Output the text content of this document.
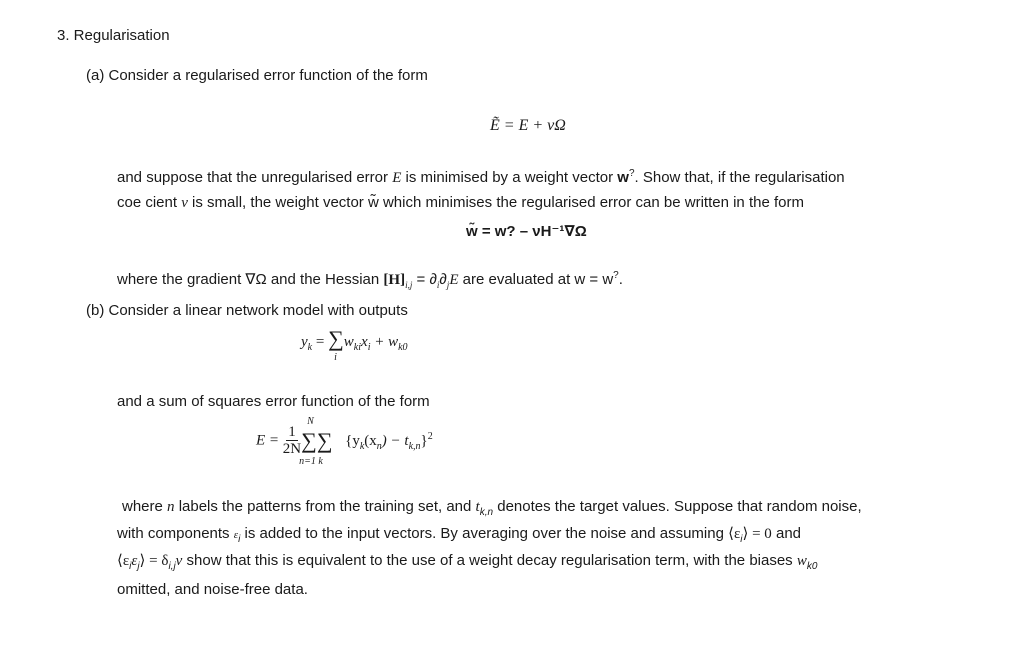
3. Regularisation
(a) Consider a regularised error function of the form
Ẽ = E + νΩ
and suppose that the unregularised error E is minimised by a weight vector w?. Show that, if the regularisation
coe cient ν is small, the weight vector w̃ which minimises the regularised error can be written in the form
w̃ = w? – νH⁻¹∇Ω
where the gradient ∇Ω and the Hessian $[H]_{i,j} = \partial_i\partial_jE$ are evaluated at w = w?.
(b) Consider a linear network model with outputs
$y_k$ = ∑
i
$w_{ki}x_i + w_{k0}$
and a sum of squares error function of the form
$E = \frac{1}{2N}$
N
∑∑
n=1 k
$\{y_k(x_n) - t_{k,n}\}^2$
where n labels the patterns from the training set, and $t_{k,n}$ denotes the target values. Suppose that random noise,
with components $\varepsilon_i$ is added to the input vectors. By averaging over the noise and assuming $⟨\varepsilon_i⟩ = 0$ and
$⟨\varepsilon_i\varepsilon_j⟩ = \delta_{i,j}\nu$ show that this is equivalent to the use of a weight decay regularisation term, with the biases $w_{k0}$
omitted, and noise-free data.
